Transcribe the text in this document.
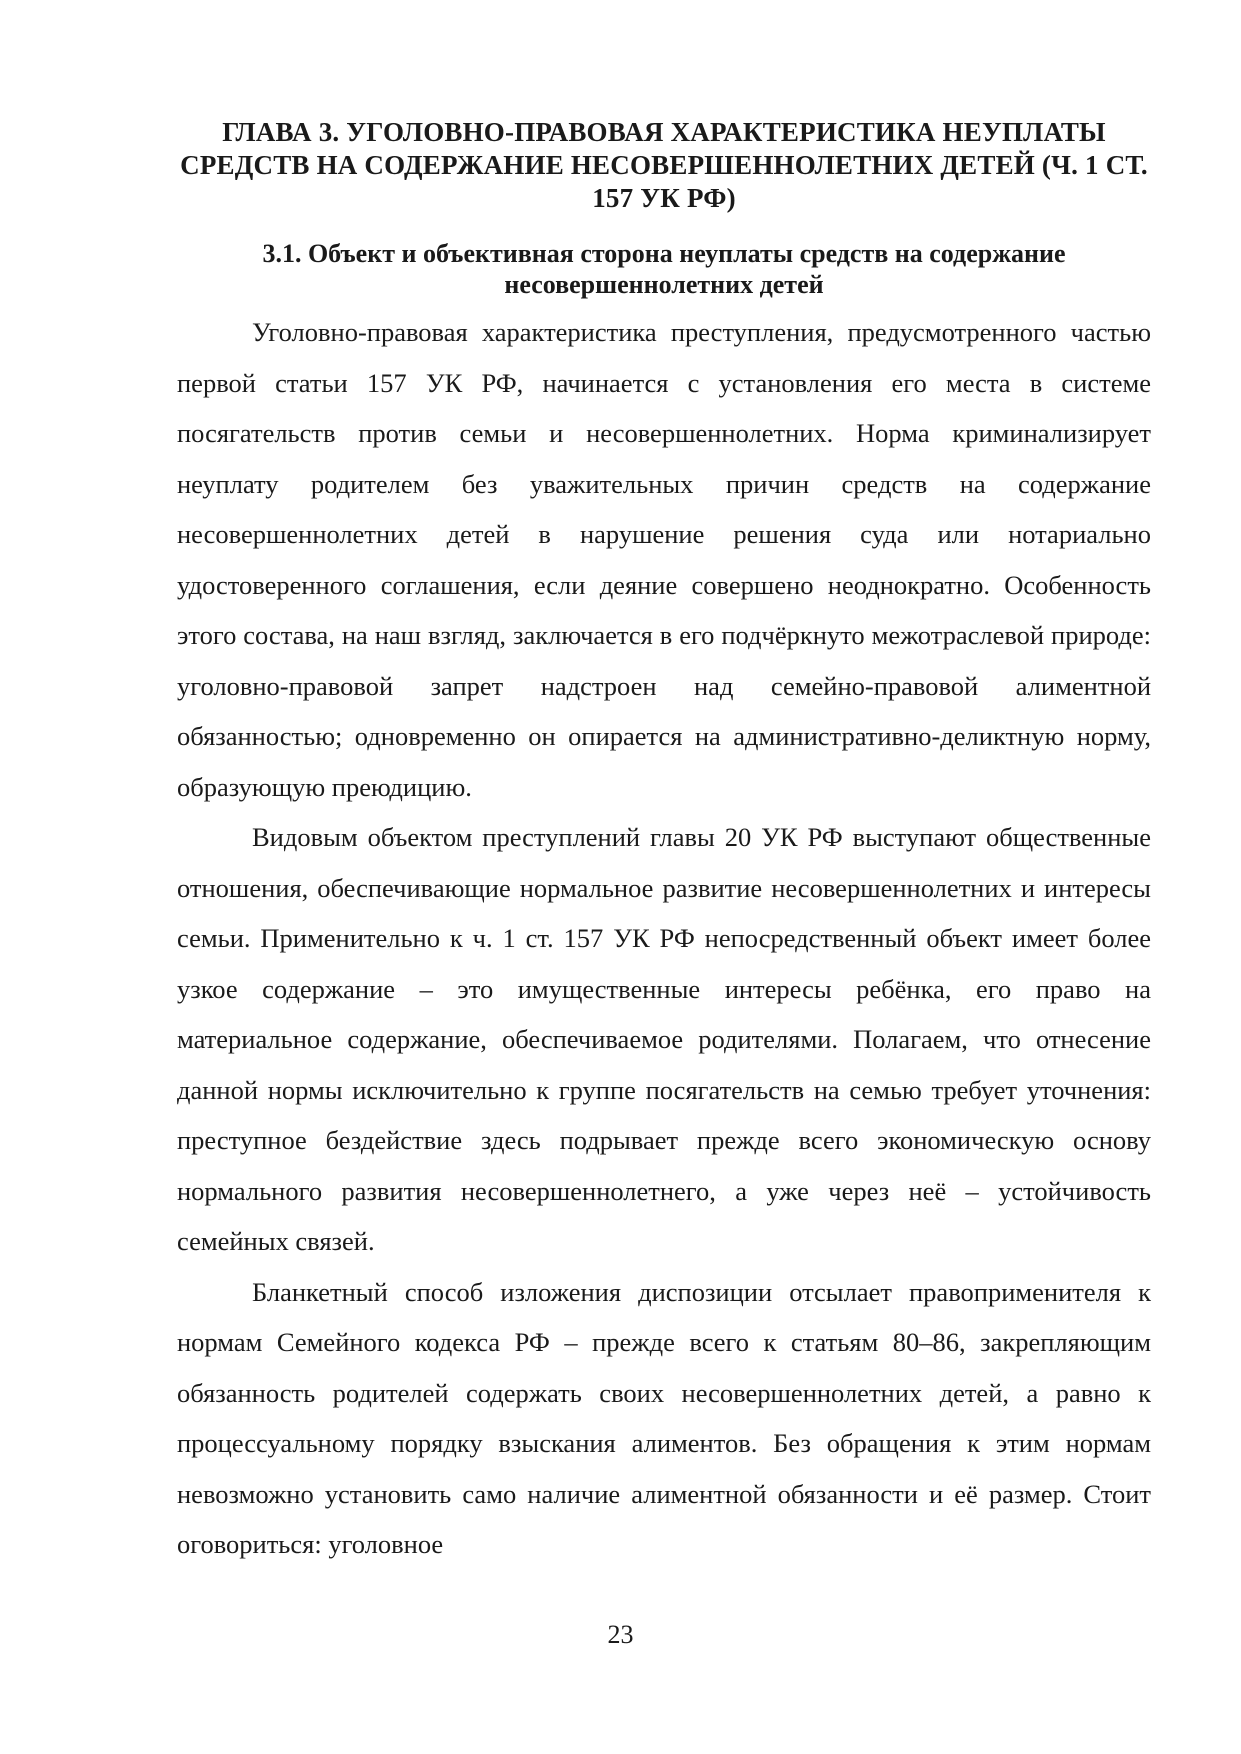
ГЛАВА 3. УГОЛОВНО-ПРАВОВАЯ ХАРАКТЕРИСТИКА НЕУПЛАТЫ СРЕДСТВ НА СОДЕРЖАНИЕ НЕСОВЕРШЕННОЛЕТНИХ ДЕТЕЙ (Ч. 1 СТ. 157 УК РФ)
3.1. Объект и объективная сторона неуплаты средств на содержание несовершеннолетних детей

Уголовно-правовая характеристика преступления, предусмотренного частью первой статьи 157 УК РФ, начинается с установления его места в системе посягательств против семьи и несовершеннолетних. Норма криминализирует неуплату родителем без уважительных причин средств на содержание несовершеннолетних детей в нарушение решения суда или нотариально удостоверенного соглашения, если деяние совершено неоднократно. Особенность этого состава, на наш взгляд, заключается в его подчёркнуто межотраслевой природе: уголовно-правовой запрет надстроен над семейно-правовой алиментной обязанностью; одновременно он опирается на административно-деликтную норму, образующую преюдицию.

Видовым объектом преступлений главы 20 УК РФ выступают общественные отношения, обеспечивающие нормальное развитие несовершеннолетних и интересы семьи. Применительно к ч. 1 ст. 157 УК РФ непосредственный объект имеет более узкое содержание – это имущественные интересы ребёнка, его право на материальное содержание, обеспечиваемое родителями. Полагаем, что отнесение данной нормы исключительно к группе посягательств на семью требует уточнения: преступное бездействие здесь подрывает прежде всего экономическую основу нормального развития несовершеннолетнего, а уже через неё – устойчивость семейных связей.

Бланкетный способ изложения диспозиции отсылает правоприменителя к нормам Семейного кодекса РФ – прежде всего к статьям 80–86, закрепляющим обязанность родителей содержать своих несовершеннолетних детей, а равно к процессуальному порядку взыскания алиментов. Без обращения к этим нормам невозможно установить само наличие алиментной обязанности и её размер. Стоит оговориться: уголовное

23
